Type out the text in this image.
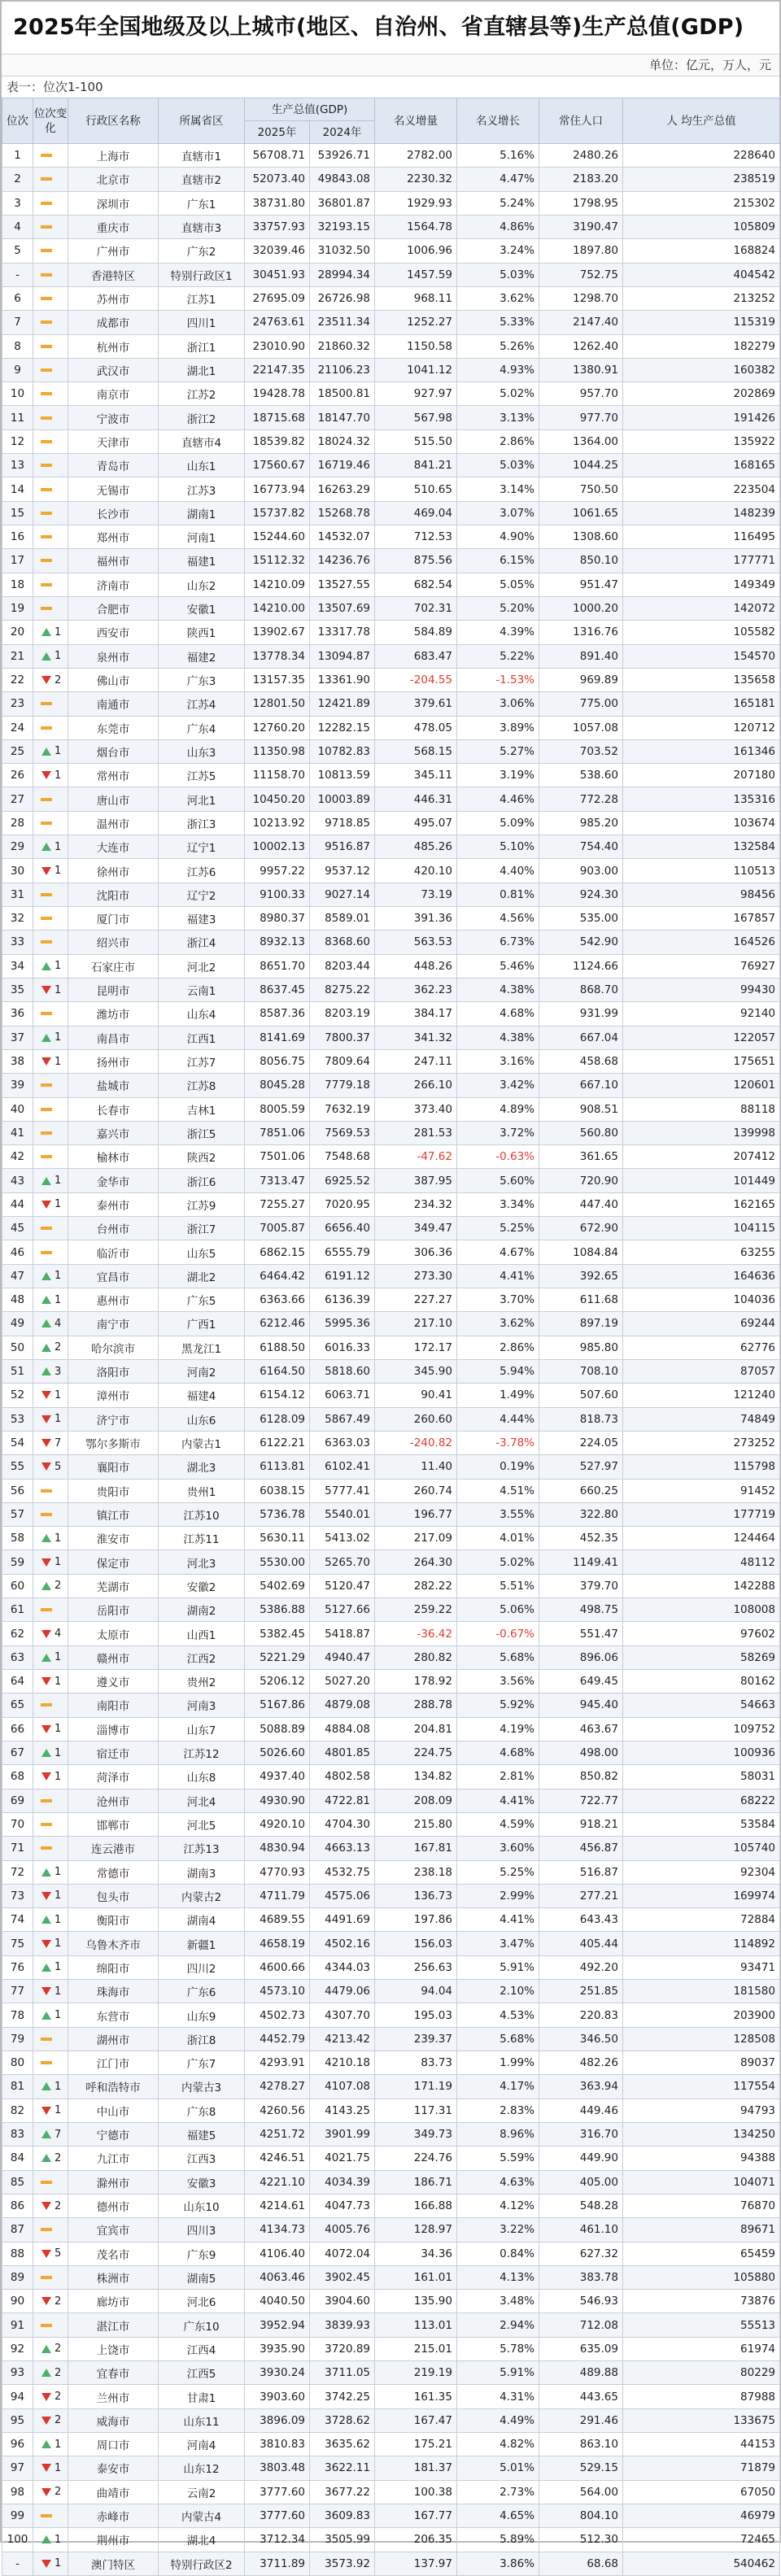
2025年全国地级及以上城市(地区、自治州、省直辖县等)生产总值(GDP)
单位：亿元，万人，元
表一：位次1-100
位次	位次变化	行政区名称	所属省区	生产总值(GDP)		名义增量	名义增长	常住人口	人 均生产总值
				2025年	2024年				
1		上海市	直辖市1	56708.71	53926.71	2782.00	5.16%	2480.26	228640
2		北京市	直辖市2	52073.40	49843.08	2230.32	4.47%	2183.20	238519
3		深圳市	广东1	38731.80	36801.87	1929.93	5.24%	1798.95	215302
4		重庆市	直辖市3	33757.93	32193.15	1564.78	4.86%	3190.47	105809
5		广州市	广东2	32039.46	31032.50	1006.96	3.24%	1897.80	168824
-		香港特区	特别行政区1	30451.93	28994.34	1457.59	5.03%	752.75	404542
6		苏州市	江苏1	27695.09	26726.98	968.11	3.62%	1298.70	213252
7		成都市	四川1	24763.61	23511.34	1252.27	5.33%	2147.40	115319
8		杭州市	浙江1	23010.90	21860.32	1150.58	5.26%	1262.40	182279
9		武汉市	湖北1	22147.35	21106.23	1041.12	4.93%	1380.91	160382
10		南京市	江苏2	19428.78	18500.81	927.97	5.02%	957.70	202869
11		宁波市	浙江2	18715.68	18147.70	567.98	3.13%	977.70	191426
12		天津市	直辖市4	18539.82	18024.32	515.50	2.86%	1364.00	135922
13		青岛市	山东1	17560.67	16719.46	841.21	5.03%	1044.25	168165
14		无锡市	江苏3	16773.94	16263.29	510.65	3.14%	750.50	223504
15		长沙市	湖南1	15737.82	15268.78	469.04	3.07%	1061.65	148239
16		郑州市	河南1	15244.60	14532.07	712.53	4.90%	1308.60	116495
17		福州市	福建1	15112.32	14236.76	875.56	6.15%	850.10	177771
18		济南市	山东2	14210.09	13527.55	682.54	5.05%	951.47	149349
19		合肥市	安徽1	14210.00	13507.69	702.31	5.20%	1000.20	142072
20	1	西安市	陕西1	13902.67	13317.78	584.89	4.39%	1316.76	105582
21	1	泉州市	福建2	13778.34	13094.87	683.47	5.22%	891.40	154570
22	2	佛山市	广东3	13157.35	13361.90	-204.55	-1.53%	969.89	135658
23		南通市	江苏4	12801.50	12421.89	379.61	3.06%	775.00	165181
24		东莞市	广东4	12760.20	12282.15	478.05	3.89%	1057.08	120712
25	1	烟台市	山东3	11350.98	10782.83	568.15	5.27%	703.52	161346
26	1	常州市	江苏5	11158.70	10813.59	345.11	3.19%	538.60	207180
27		唐山市	河北1	10450.20	10003.89	446.31	4.46%	772.28	135316
28		温州市	浙江3	10213.92	9718.85	495.07	5.09%	985.20	103674
29	1	大连市	辽宁1	10002.13	9516.87	485.26	5.10%	754.40	132584
30	1	徐州市	江苏6	9957.22	9537.12	420.10	4.40%	903.00	110513
31		沈阳市	辽宁2	9100.33	9027.14	73.19	0.81%	924.30	98456
32		厦门市	福建3	8980.37	8589.01	391.36	4.56%	535.00	167857
33		绍兴市	浙江4	8932.13	8368.60	563.53	6.73%	542.90	164526
34	1	石家庄市	河北2	8651.70	8203.44	448.26	5.46%	1124.66	76927
35	1	昆明市	云南1	8637.45	8275.22	362.23	4.38%	868.70	99430
36		潍坊市	山东4	8587.36	8203.19	384.17	4.68%	931.99	92140
37	1	南昌市	江西1	8141.69	7800.37	341.32	4.38%	667.04	122057
38	1	扬州市	江苏7	8056.75	7809.64	247.11	3.16%	458.68	175651
39		盐城市	江苏8	8045.28	7779.18	266.10	3.42%	667.10	120601
40		长春市	吉林1	8005.59	7632.19	373.40	4.89%	908.51	88118
41		嘉兴市	浙江5	7851.06	7569.53	281.53	3.72%	560.80	139998
42		榆林市	陕西2	7501.06	7548.68	-47.62	-0.63%	361.65	207412
43	1	金华市	浙江6	7313.47	6925.52	387.95	5.60%	720.90	101449
44	1	泰州市	江苏9	7255.27	7020.95	234.32	3.34%	447.40	162165
45		台州市	浙江7	7005.87	6656.40	349.47	5.25%	672.90	104115
46		临沂市	山东5	6862.15	6555.79	306.36	4.67%	1084.84	63255
47	1	宜昌市	湖北2	6464.42	6191.12	273.30	4.41%	392.65	164636
48	1	惠州市	广东5	6363.66	6136.39	227.27	3.70%	611.68	104036
49	4	南宁市	广西1	6212.46	5995.36	217.10	3.62%	897.19	69244
50	2	哈尔滨市	黑龙江1	6188.50	6016.33	172.17	2.86%	985.80	62776
51	3	洛阳市	河南2	6164.50	5818.60	345.90	5.94%	708.10	87057
52	1	漳州市	福建4	6154.12	6063.71	90.41	1.49%	507.60	121240
53	1	济宁市	山东6	6128.09	5867.49	260.60	4.44%	818.73	74849
54	7	鄂尔多斯市	内蒙古1	6122.21	6363.03	-240.82	-3.78%	224.05	273252
55	5	襄阳市	湖北3	6113.81	6102.41	11.40	0.19%	527.97	115798
56		贵阳市	贵州1	6038.15	5777.41	260.74	4.51%	660.25	91452
57		镇江市	江苏10	5736.78	5540.01	196.77	3.55%	322.80	177719
58	1	淮安市	江苏11	5630.11	5413.02	217.09	4.01%	452.35	124464
59	1	保定市	河北3	5530.00	5265.70	264.30	5.02%	1149.41	48112
60	2	芜湖市	安徽2	5402.69	5120.47	282.22	5.51%	379.70	142288
61		岳阳市	湖南2	5386.88	5127.66	259.22	5.06%	498.75	108008
62	4	太原市	山西1	5382.45	5418.87	-36.42	-0.67%	551.47	97602
63	1	赣州市	江西2	5221.29	4940.47	280.82	5.68%	896.06	58269
64	1	遵义市	贵州2	5206.12	5027.20	178.92	3.56%	649.45	80162
65		南阳市	河南3	5167.86	4879.08	288.78	5.92%	945.40	54663
66	1	淄博市	山东7	5088.89	4884.08	204.81	4.19%	463.67	109752
67	1	宿迁市	江苏12	5026.60	4801.85	224.75	4.68%	498.00	100936
68	1	菏泽市	山东8	4937.40	4802.58	134.82	2.81%	850.82	58031
69		沧州市	河北4	4930.90	4722.81	208.09	4.41%	722.77	68222
70		邯郸市	河北5	4920.10	4704.30	215.80	4.59%	918.21	53584
71		连云港市	江苏13	4830.94	4663.13	167.81	3.60%	456.87	105740
72	1	常德市	湖南3	4770.93	4532.75	238.18	5.25%	516.87	92304
73	1	包头市	内蒙古2	4711.79	4575.06	136.73	2.99%	277.21	169974
74	1	衡阳市	湖南4	4689.55	4491.69	197.86	4.41%	643.43	72884
75	1	乌鲁木齐市	新疆1	4658.19	4502.16	156.03	3.47%	405.44	114892
76	1	绵阳市	四川2	4600.66	4344.03	256.63	5.91%	492.20	93471
77	1	珠海市	广东6	4573.10	4479.06	94.04	2.10%	251.85	181580
78	1	东营市	山东9	4502.73	4307.70	195.03	4.53%	220.83	203900
79		湖州市	浙江8	4452.79	4213.42	239.37	5.68%	346.50	128508
80		江门市	广东7	4293.91	4210.18	83.73	1.99%	482.26	89037
81	1	呼和浩特市	内蒙古3	4278.27	4107.08	171.19	4.17%	363.94	117554
82	1	中山市	广东8	4260.56	4143.25	117.31	2.83%	449.46	94793
83	7	宁德市	福建5	4251.72	3901.99	349.73	8.96%	316.70	134250
84	2	九江市	江西3	4246.51	4021.75	224.76	5.59%	449.90	94388
85		滁州市	安徽3	4221.10	4034.39	186.71	4.63%	405.00	104071
86	2	德州市	山东10	4214.61	4047.73	166.88	4.12%	548.28	76870
87		宜宾市	四川3	4134.73	4005.76	128.97	3.22%	461.10	89671
88	5	茂名市	广东9	4106.40	4072.04	34.36	0.84%	627.32	65459
89		株洲市	湖南5	4063.46	3902.45	161.01	4.13%	383.78	105880
90	2	廊坊市	河北6	4040.50	3904.60	135.90	3.48%	546.93	73876
91		湛江市	广东10	3952.94	3839.93	113.01	2.94%	712.08	55513
92	2	上饶市	江西4	3935.90	3720.89	215.01	5.78%	635.09	61974
93	2	宜春市	江西5	3930.24	3711.05	219.19	5.91%	489.88	80229
94	2	兰州市	甘肃1	3903.60	3742.25	161.35	4.31%	443.65	87988
95	2	威海市	山东11	3896.09	3728.62	167.47	4.49%	291.46	133675
96	1	周口市	河南4	3810.83	3635.62	175.21	4.82%	863.10	44153
97	1	泰安市	山东12	3803.48	3622.11	181.37	5.01%	529.15	71879
98	2	曲靖市	云南2	3777.60	3677.22	100.38	2.73%	564.00	67050
99		赤峰市	内蒙古4	3777.60	3609.83	167.77	4.65%	804.10	46979
100	1	荆州市	湖北4	3712.34	3505.99	206.35	5.89%	512.30	72465
-	1	澳门特区	特别行政区2	3711.89	3573.92	137.97	3.86%	68.68	540462
